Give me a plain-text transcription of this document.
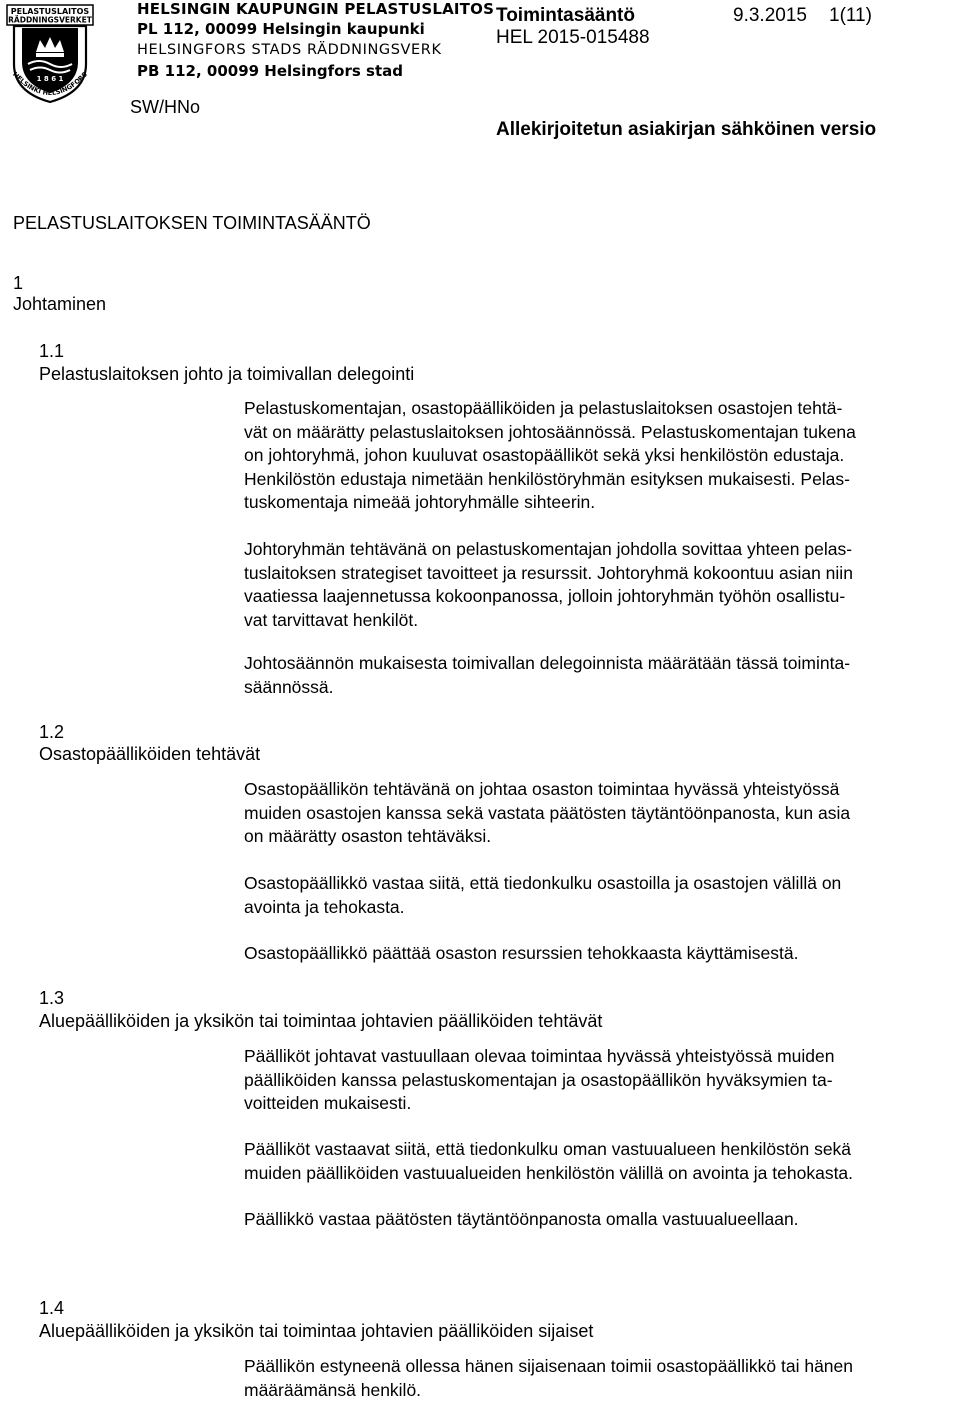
PELASTUSLAITOS
RÄDDNINGSVERKET
1 8 6 1
HELSINKI HELSINGFORS
HELSINGIN KAUPUNGIN PELASTUSLAITOS
PL 112, 00099 Helsingin kaupunki
HELSINGFORS STADS RÄDDNINGSVERK
PB 112, 00099 Helsingfors stad
Toimintasääntö	9.3.2015 1(11)
HEL 2015-015488
SW/HNo
Allekirjoitetun asiakirjan sähköinen versio
PELASTUSLAITOKSEN TOIMINTASÄÄNTÖ
1
Johtaminen
1.1
Pelastuslaitoksen johto ja toimivallan delegointi
Pelastuskomentajan, osastopäälliköiden ja pelastuslaitoksen osastojen tehtä-
vät on määrätty pelastuslaitoksen johtosäännössä. Pelastuskomentajan tukena
on johtoryhmä, johon kuuluvat osastopäälliköt sekä yksi henkilöstön edustaja.
Henkilöstön edustaja nimetään henkilöstöryhmän esityksen mukaisesti. Pelas-
tuskomentaja nimeää johtoryhmälle sihteerin.
Johtoryhmän tehtävänä on pelastuskomentajan johdolla sovittaa yhteen pelas-
tuslaitoksen strategiset tavoitteet ja resurssit. Johtoryhmä kokoontuu asian niin
vaatiessa laajennetussa kokoonpanossa, jolloin johtoryhmän työhön osallistu-
vat tarvittavat henkilöt.
Johtosäännön mukaisesta toimivallan delegoinnista määrätään tässä toiminta-
säännössä.
1.2
Osastopäälliköiden tehtävät
Osastopäällikön tehtävänä on johtaa osaston toimintaa hyvässä yhteistyössä
muiden osastojen kanssa sekä vastata päätösten täytäntöönpanosta, kun asia
on määrätty osaston tehtäväksi.
Osastopäällikkö vastaa siitä, että tiedonkulku osastoilla ja osastojen välillä on
avointa ja tehokasta.
Osastopäällikkö päättää osaston resurssien tehokkaasta käyttämisestä.
1.3
Aluepäälliköiden ja yksikön tai toimintaa johtavien päälliköiden tehtävät
Päälliköt johtavat vastuullaan olevaa toimintaa hyvässä yhteistyössä muiden
päälliköiden kanssa pelastuskomentajan ja osastopäällikön hyväksymien ta-
voitteiden mukaisesti.
Päälliköt vastaavat siitä, että tiedonkulku oman vastuualueen henkilöstön sekä
muiden päälliköiden vastuualueiden henkilöstön välillä on avointa ja tehokasta.
Päällikkö vastaa päätösten täytäntöönpanosta omalla vastuualueellaan.
1.4
Aluepäälliköiden ja yksikön tai toimintaa johtavien päälliköiden sijaiset
Päällikön estyneenä ollessa hänen sijaisenaan toimii osastopäällikkö tai hänen
määräämänsä henkilö.
